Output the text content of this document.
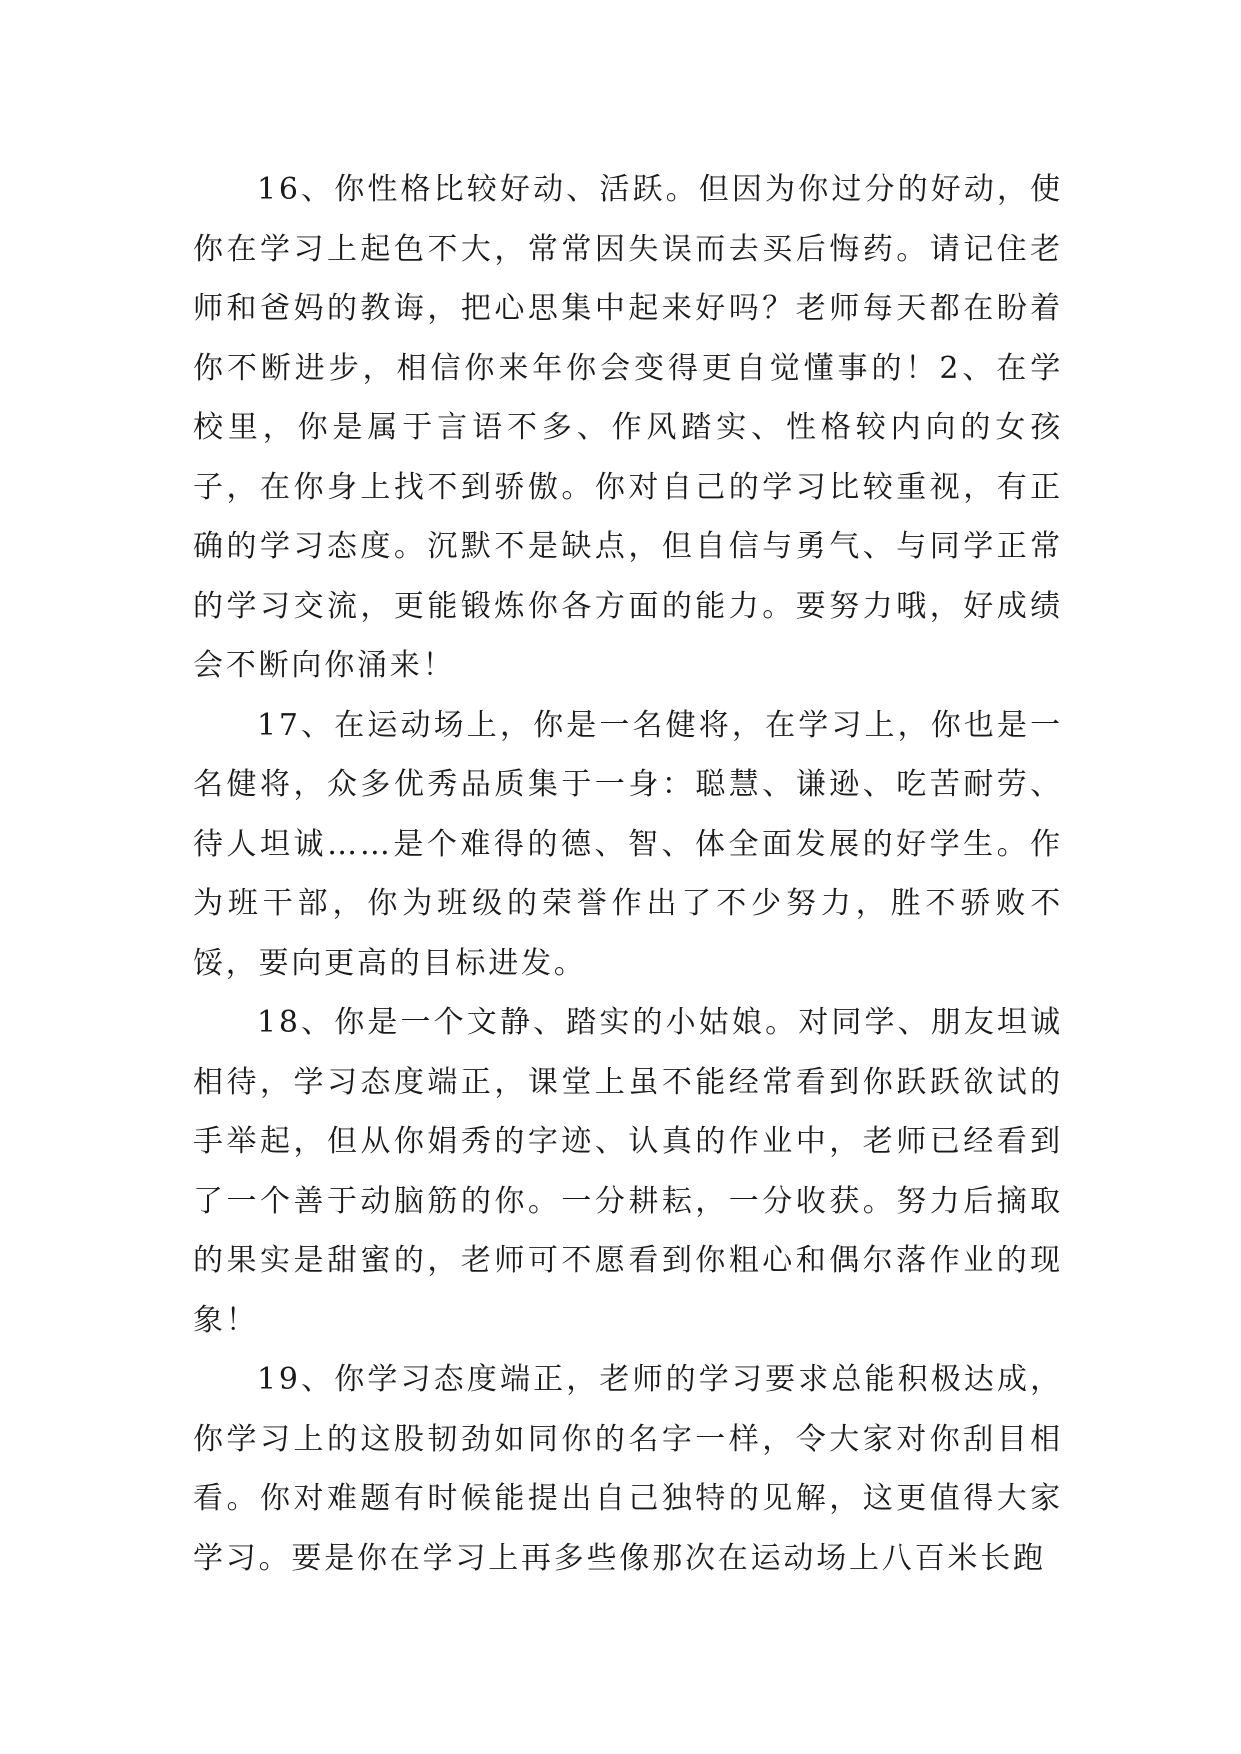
16、你性格比较好动、活跃。但因为你过分的好动，使你在学习上起色不大，常常因失误而去买后悔药。请记住老师和爸妈的教诲，把心思集中起来好吗？老师每天都在盼着你不断进步，相信你来年你会变得更自觉懂事的！2、在学校里，你是属于言语不多、作风踏实、性格较内向的女孩子，在你身上找不到骄傲。你对自己的学习比较重视，有正确的学习态度。沉默不是缺点，但自信与勇气、与同学正常的学习交流，更能锻炼你各方面的能力。要努力哦，好成绩会不断向你涌来！

17、在运动场上，你是一名健将，在学习上，你也是一名健将，众多优秀品质集于一身：聪慧、谦逊、吃苦耐劳、待人坦诚……是个难得的德、智、体全面发展的好学生。作为班干部，你为班级的荣誉作出了不少努力，胜不骄败不馁，要向更高的目标进发。

18、你是一个文静、踏实的小姑娘。对同学、朋友坦诚相待，学习态度端正，课堂上虽不能经常看到你跃跃欲试的手举起，但从你娟秀的字迹、认真的作业中，老师已经看到了一个善于动脑筋的你。一分耕耘，一分收获。努力后摘取的果实是甜蜜的，老师可不愿看到你粗心和偶尔落作业的现象！

19、你学习态度端正，老师的学习要求总能积极达成，你学习上的这股韧劲如同你的名字一样，令大家对你刮目相看。你对难题有时候能提出自己独特的见解，这更值得大家学习。要是你在学习上再多些像那次在运动场上八百米长跑
